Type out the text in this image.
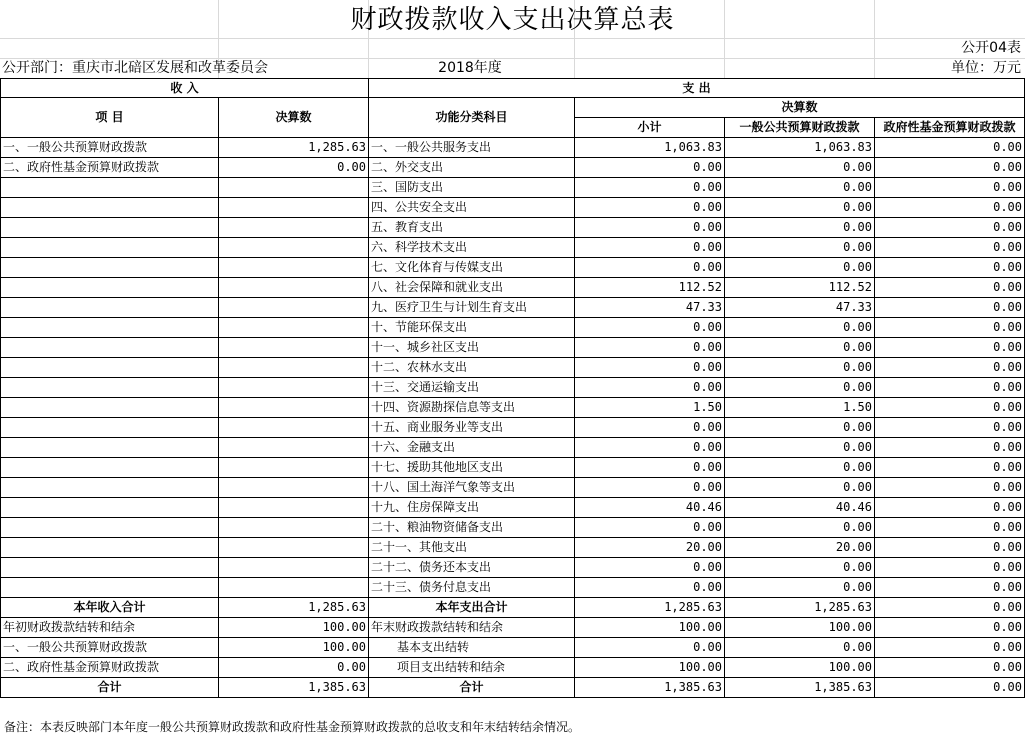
财政拨款收入支出决算总表
公开04表
公开部门：重庆市北碚区发展和改革委员会	2018年度	单位：万元
收 入		支 出			
项 目	决算数	功能分类科目	决算数		
			小计	一般公共预算财政拨款	政府性基金预算财政拨款

一、一般公共预算财政拨款	1,285.63	一、一般公共服务支出	1,063.83	1,063.83	0.00
二、政府性基金预算财政拨款	0.00	二、外交支出	0.00	0.00	0.00
		三、国防支出	0.00	0.00	0.00
		四、公共安全支出	0.00	0.00	0.00
		五、教育支出	0.00	0.00	0.00
		六、科学技术支出	0.00	0.00	0.00
		七、文化体育与传媒支出	0.00	0.00	0.00
		八、社会保障和就业支出	112.52	112.52	0.00
		九、医疗卫生与计划生育支出	47.33	47.33	0.00
		十、节能环保支出	0.00	0.00	0.00
		十一、城乡社区支出	0.00	0.00	0.00
		十二、农林水支出	0.00	0.00	0.00
		十三、交通运输支出	0.00	0.00	0.00
		十四、资源勘探信息等支出	1.50	1.50	0.00
		十五、商业服务业等支出	0.00	0.00	0.00
		十六、金融支出	0.00	0.00	0.00
		十七、援助其他地区支出	0.00	0.00	0.00
		十八、国土海洋气象等支出	0.00	0.00	0.00
		十九、住房保障支出	40.46	40.46	0.00
		二十、粮油物资储备支出	0.00	0.00	0.00
		二十一、其他支出	20.00	20.00	0.00
		二十二、债务还本支出	0.00	0.00	0.00
		二十三、债务付息支出	0.00	0.00	0.00
本年收入合计	1,285.63	本年支出合计	1,285.63	1,285.63	0.00
年初财政拨款结转和结余	100.00	年末财政拨款结转和结余	100.00	100.00	0.00
一、一般公共预算财政拨款	100.00	基本支出结转	0.00	0.00	0.00
二、政府性基金预算财政拨款	0.00	项目支出结转和结余	100.00	100.00	0.00
合计	1,385.63	合计	1,385.63	1,385.63	0.00
备注：本表反映部门本年度一般公共预算财政拨款和政府性基金预算财政拨款的总收支和年末结转结余情况。
